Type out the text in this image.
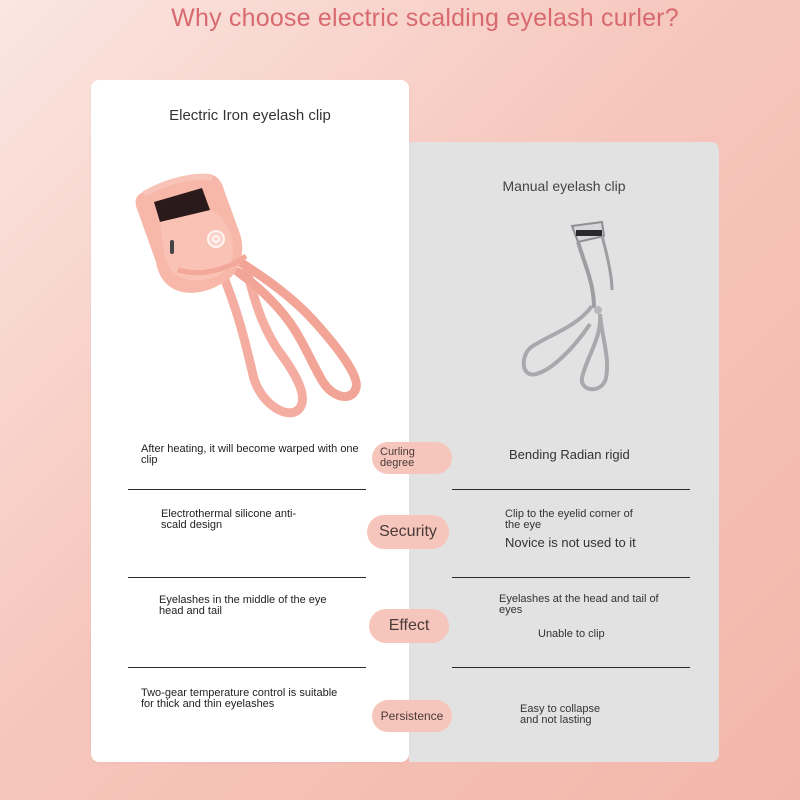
Why choose electric scalding eyelash curler?
Electric Iron eyelash clip
Manual eyelash clip
After heating, it will become warped with one clip	Bending Radian rigid
Curling degree
Electrothermal silicone anti-scald design
Clip to the eyelid corner of the eye
Novice is not used to it
Security
Eyelashes in the middle of the eye head and tail
Eyelashes at the head and tail of eyes
Unable to clip
Effect
Two-gear temperature control is suitable for thick and thin eyelashes	Easy to collapse and not lasting
Persistence
